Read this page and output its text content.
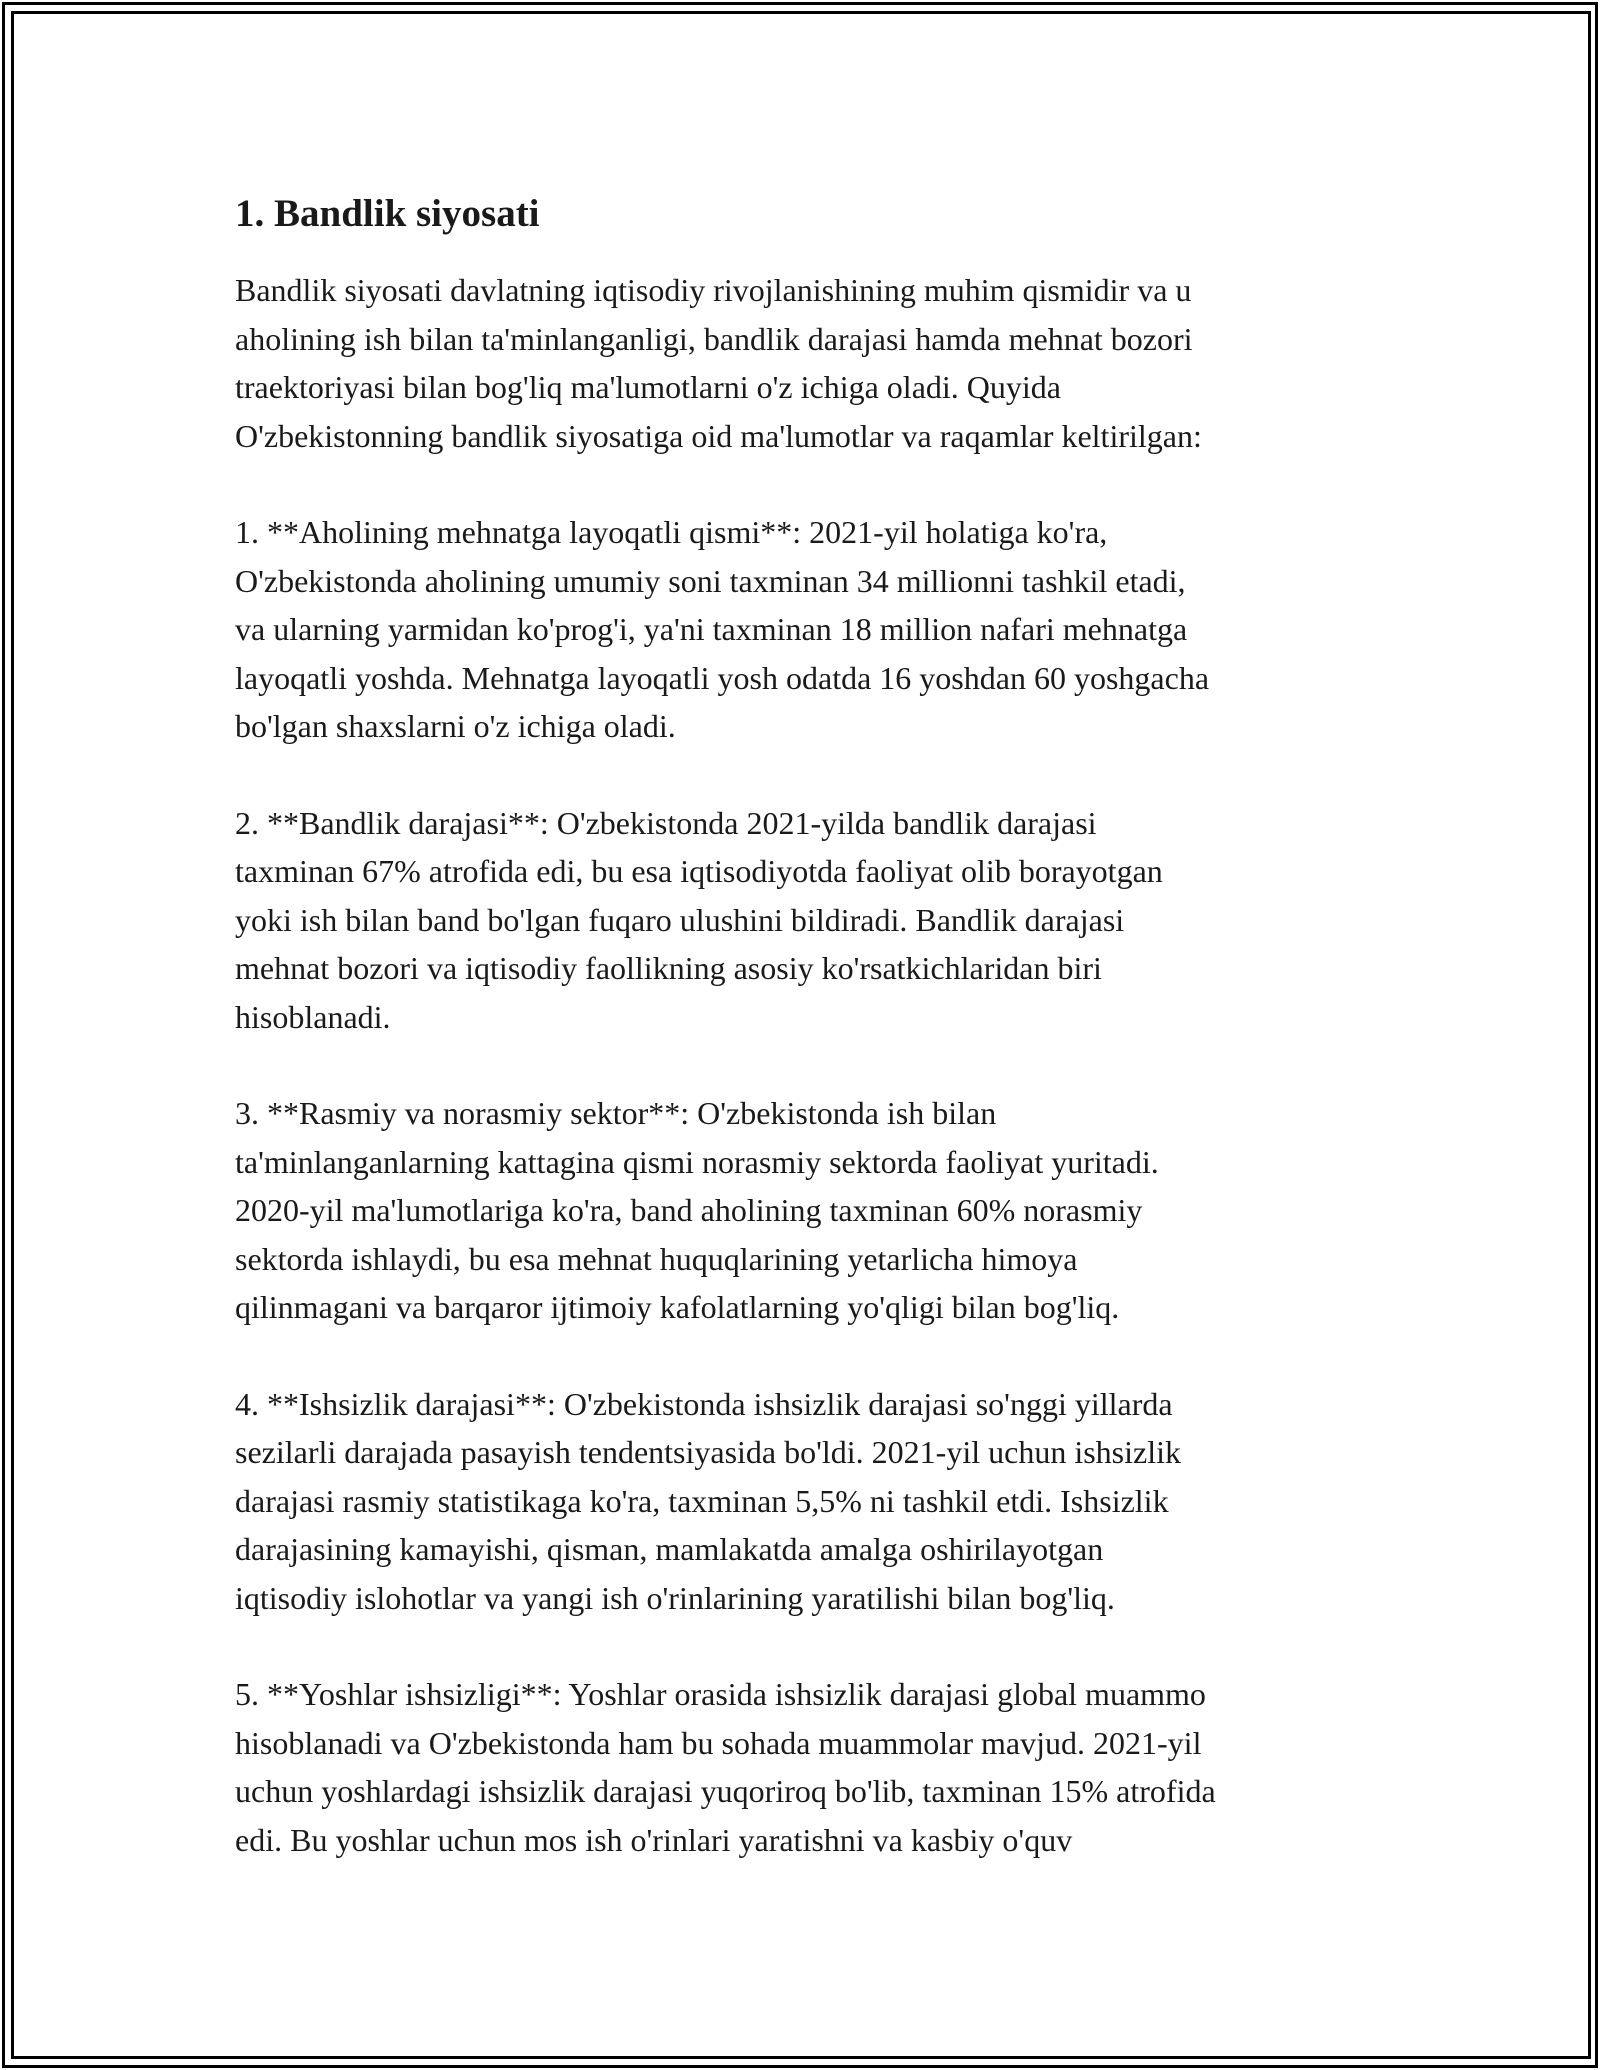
1. Bandlik siyosati

Bandlik siyosati davlatning iqtisodiy rivojlanishining muhim qismidir va u
aholining ish bilan ta'minlanganligi, bandlik darajasi hamda mehnat bozori
traektoriyasi bilan bog'liq ma'lumotlarni o'z ichiga oladi. Quyida
O'zbekistonning bandlik siyosatiga oid ma'lumotlar va raqamlar keltirilgan:

1. **Aholining mehnatga layoqatli qismi**: 2021-yil holatiga ko'ra,
O'zbekistonda aholining umumiy soni taxminan 34 millionni tashkil etadi,
va ularning yarmidan ko'prog'i, ya'ni taxminan 18 million nafari mehnatga
layoqatli yoshda. Mehnatga layoqatli yosh odatda 16 yoshdan 60 yoshgacha
bo'lgan shaxslarni o'z ichiga oladi.

2. **Bandlik darajasi**: O'zbekistonda 2021-yilda bandlik darajasi
taxminan 67% atrofida edi, bu esa iqtisodiyotda faoliyat olib borayotgan
yoki ish bilan band bo'lgan fuqaro ulushini bildiradi. Bandlik darajasi
mehnat bozori va iqtisodiy faollikning asosiy ko'rsatkichlaridan biri
hisoblanadi.

3. **Rasmiy va norasmiy sektor**: O'zbekistonda ish bilan
ta'minlanganlarning kattagina qismi norasmiy sektorda faoliyat yuritadi.
2020-yil ma'lumotlariga ko'ra, band aholining taxminan 60% norasmiy
sektorda ishlaydi, bu esa mehnat huquqlarining yetarlicha himoya
qilinmagani va barqaror ijtimoiy kafolatlarning yo'qligi bilan bog'liq.

4. **Ishsizlik darajasi**: O'zbekistonda ishsizlik darajasi so'nggi yillarda
sezilarli darajada pasayish tendentsiyasida bo'ldi. 2021-yil uchun ishsizlik
darajasi rasmiy statistikaga ko'ra, taxminan 5,5% ni tashkil etdi. Ishsizlik
darajasining kamayishi, qisman, mamlakatda amalga oshirilayotgan
iqtisodiy islohotlar va yangi ish o'rinlarining yaratilishi bilan bog'liq.

5. **Yoshlar ishsizligi**: Yoshlar orasida ishsizlik darajasi global muammo
hisoblanadi va O'zbekistonda ham bu sohada muammolar mavjud. 2021-yil
uchun yoshlardagi ishsizlik darajasi yuqoriroq bo'lib, taxminan 15% atrofida
edi. Bu yoshlar uchun mos ish o'rinlari yaratishni va kasbiy o'quv
